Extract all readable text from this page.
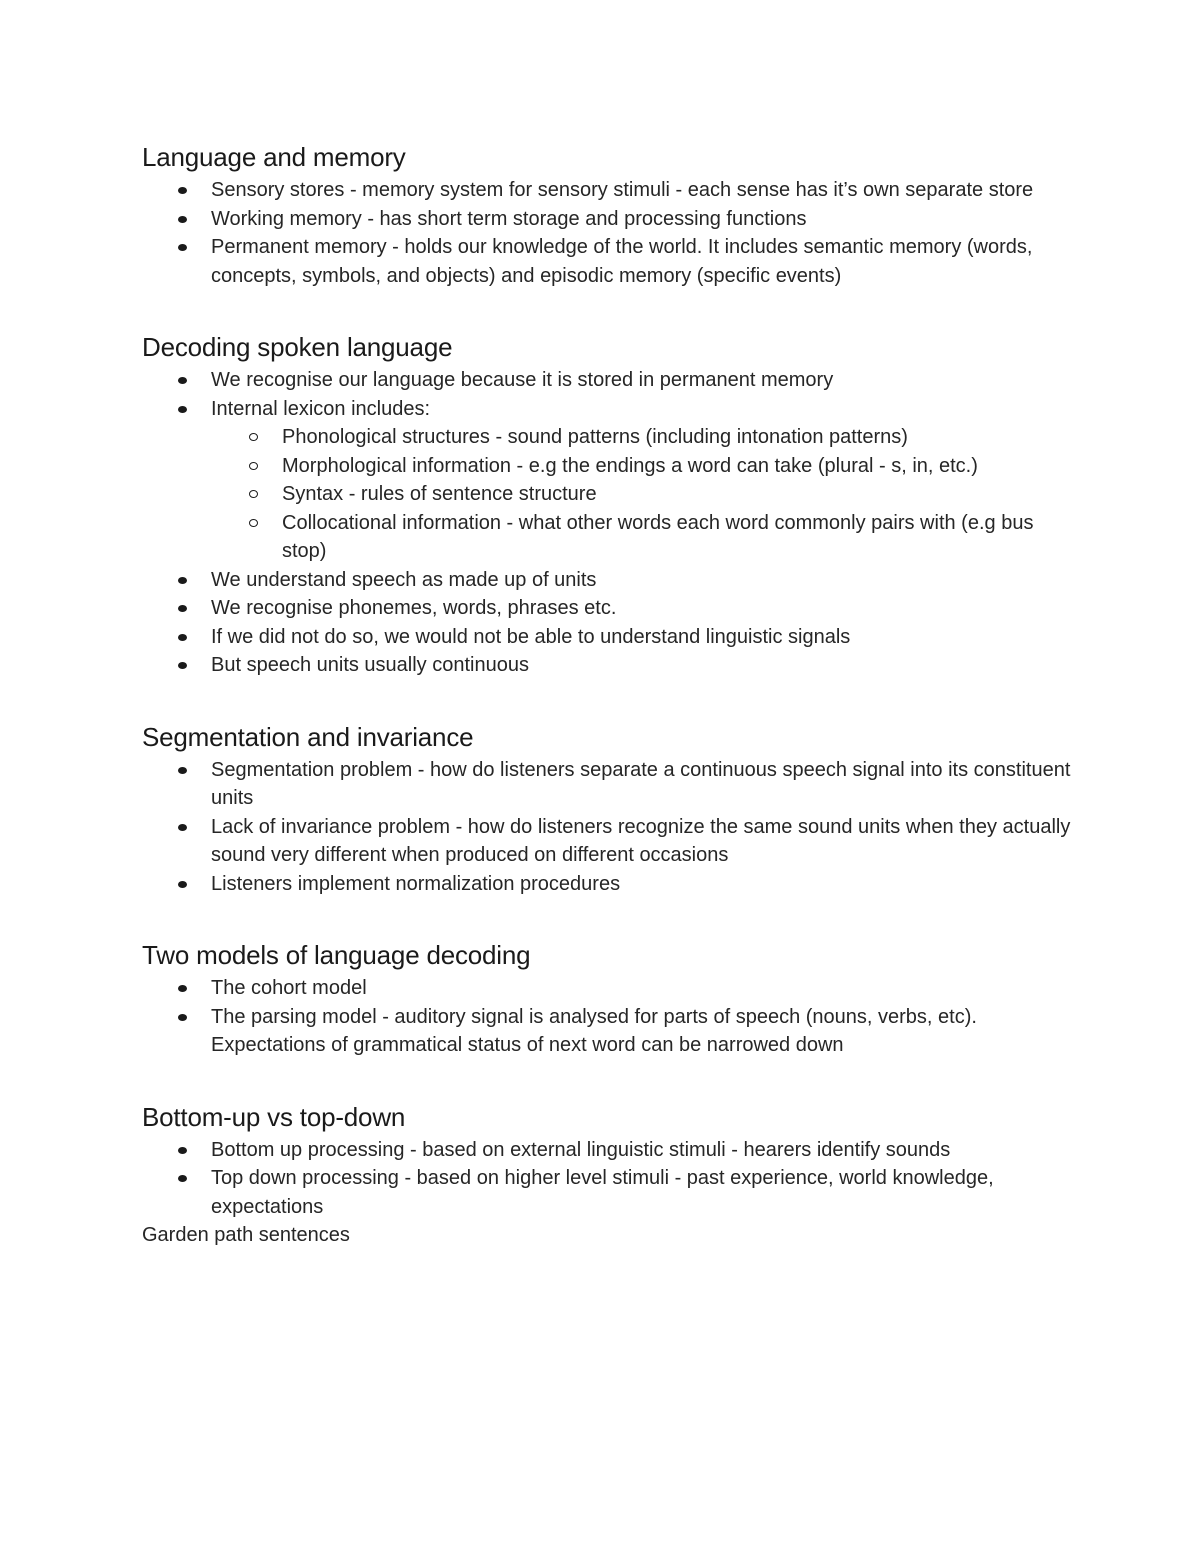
Language and memory
Sensory stores - memory system for sensory stimuli - each sense has it’s own separate store
Working memory - has short term storage and processing functions
Permanent memory - holds our knowledge of the world. It includes semantic memory (words, concepts, symbols, and objects) and episodic memory (specific events)
Decoding spoken language
We recognise our language because it is stored in permanent memory
Internal lexicon includes:
Phonological structures - sound patterns (including intonation patterns)
Morphological information - e.g the endings a word can take (plural - s, in, etc.)
Syntax - rules of sentence structure
Collocational information - what other words each word commonly pairs with (e.g bus stop)
We understand speech as made up of units
We recognise phonemes, words, phrases etc.
If we did not do so, we would not be able to understand linguistic signals
But speech units usually continuous
Segmentation and invariance
Segmentation problem - how do listeners separate a continuous speech signal into its constituent units
Lack of invariance problem - how do listeners recognize the same sound units when they actually sound very different when produced on different occasions
Listeners implement normalization procedures
Two models of language decoding
The cohort model
The parsing model - auditory signal is analysed for parts of speech (nouns, verbs, etc). Expectations of grammatical status of next word can be narrowed down
Bottom-up vs top-down
Bottom up processing - based on external linguistic stimuli - hearers identify sounds
Top down processing - based on higher level stimuli - past experience, world knowledge, expectations

Garden path sentences
